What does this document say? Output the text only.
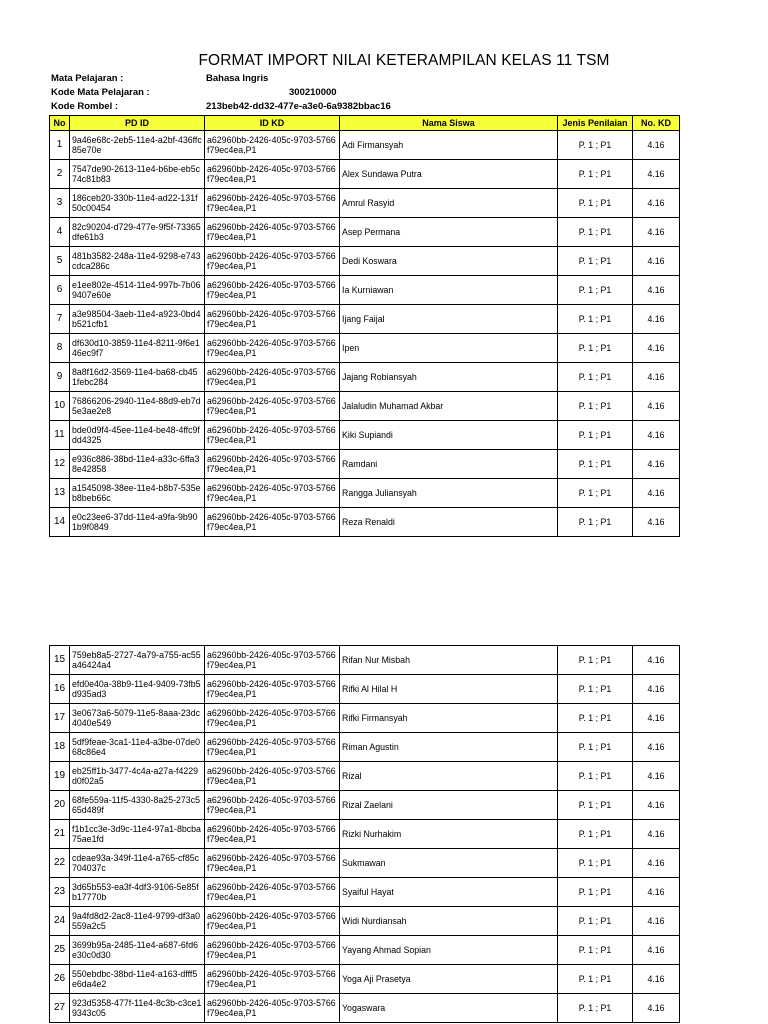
FORMAT IMPORT NILAI KETERAMPILAN KELAS 11 TSM
Mata Pelajaran :	Bahasa Ingris
Kode Mata Pelajaran :	300210000
Kode Rombel :	213beb42-dd32-477e-a3e0-6a9382bbac16
No	PD ID	ID KD	Nama Siswa	Jenis Penilaian	No. KD
1	9a46e68c-2eb5-11e4-a2bf-436ffc85e70e	a62960bb-2426-405c-9703-5766f79ec4ea,P1	Adi Firmansyah	P. 1 ; P1	4.16
2	7547de90-2613-11e4-b6be-eb5c74c81b83	a62960bb-2426-405c-9703-5766f79ec4ea,P1	Alex Sundawa Putra	P. 1 ; P1	4.16
3	186ceb20-330b-11e4-ad22-131f50c00454	a62960bb-2426-405c-9703-5766f79ec4ea,P1	Amrul Rasyid	P. 1 ; P1	4.16
4	82c90204-d729-477e-9f5f-73365dfe61b3	a62960bb-2426-405c-9703-5766f79ec4ea,P1	Asep Permana	P. 1 ; P1	4.16
5	481b3582-248a-11e4-9298-e743cdca286c	a62960bb-2426-405c-9703-5766f79ec4ea,P1	Dedi Koswara	P. 1 ; P1	4.16
6	e1ee802e-4514-11e4-997b-7b069407e60e	a62960bb-2426-405c-9703-5766f79ec4ea,P1	Ia Kurniawan	P. 1 ; P1	4.16
7	a3e98504-3aeb-11e4-a923-0bd4b521cfb1	a62960bb-2426-405c-9703-5766f79ec4ea,P1	Ijang Faijal	P. 1 ; P1	4.16
8	df630d10-3859-11e4-8211-9f6e146ec9f7	a62960bb-2426-405c-9703-5766f79ec4ea,P1	Ipen	P. 1 ; P1	4.16
9	8a8f16d2-3569-11e4-ba68-cb451febc284	a62960bb-2426-405c-9703-5766f79ec4ea,P1	Jajang Robiansyah	P. 1 ; P1	4.16
10	76866206-2940-11e4-88d9-eb7d5e3ae2e8	a62960bb-2426-405c-9703-5766f79ec4ea,P1	Jalaludin Muhamad Akbar	P. 1 ; P1	4.16
11	bde0d9f4-45ee-11e4-be48-4ffc9fdd4325	a62960bb-2426-405c-9703-5766f79ec4ea,P1	Kiki Supiandi	P. 1 ; P1	4.16
12	e936c886-38bd-11e4-a33c-6ffa38e42858	a62960bb-2426-405c-9703-5766f79ec4ea,P1	Ramdani	P. 1 ; P1	4.16
13	a1545098-38ee-11e4-b8b7-535eb8beb66c	a62960bb-2426-405c-9703-5766f79ec4ea,P1	Rangga Juliansyah	P. 1 ; P1	4.16
14	e0c23ee6-37dd-11e4-a9fa-9b901b9f0849	a62960bb-2426-405c-9703-5766f79ec4ea,P1	Reza Renaldi	P. 1 ; P1	4.16
15	759eb8a5-2727-4a79-a755-ac55a46424a4	a62960bb-2426-405c-9703-5766f79ec4ea,P1	Rifan Nur Misbah	P. 1 ; P1	4.16
16	efd0e40a-38b9-11e4-9409-73fb5d935ad3	a62960bb-2426-405c-9703-5766f79ec4ea,P1	Rifki Al Hilal H	P. 1 ; P1	4.16
17	3e0673a6-5079-11e5-8aaa-23dc4040e549	a62960bb-2426-405c-9703-5766f79ec4ea,P1	Rifki Firmansyah	P. 1 ; P1	4.16
18	5df9feae-3ca1-11e4-a3be-07de068c86e4	a62960bb-2426-405c-9703-5766f79ec4ea,P1	Riman Agustin	P. 1 ; P1	4.16
19	eb25ff1b-3477-4c4a-a27a-f4229d0f02a5	a62960bb-2426-405c-9703-5766f79ec4ea,P1	Rizal	P. 1 ; P1	4.16
20	68fe559a-11f5-4330-8a25-273c565d489f	a62960bb-2426-405c-9703-5766f79ec4ea,P1	Rizal Zaelani	P. 1 ; P1	4.16
21	f1b1cc3e-3d9c-11e4-97a1-8bcba75ae1fd	a62960bb-2426-405c-9703-5766f79ec4ea,P1	Rizki Nurhakim	P. 1 ; P1	4.16
22	cdeae93a-349f-11e4-a765-cf85c704037c	a62960bb-2426-405c-9703-5766f79ec4ea,P1	Sukmawan	P. 1 ; P1	4.16
23	3d65b553-ea3f-4df3-9106-5e85fb17770b	a62960bb-2426-405c-9703-5766f79ec4ea,P1	Syaiful Hayat	P. 1 ; P1	4.16
24	9a4fd8d2-2ac8-11e4-9799-df3a0559a2c5	a62960bb-2426-405c-9703-5766f79ec4ea,P1	Widi Nurdiansah	P. 1 ; P1	4.16
25	3699b95a-2485-11e4-a687-6fd6e30c0d30	a62960bb-2426-405c-9703-5766f79ec4ea,P1	Yayang Ahmad Sopian	P. 1 ; P1	4.16
26	550ebdbc-38bd-11e4-a163-dfff5e6da4e2	a62960bb-2426-405c-9703-5766f79ec4ea,P1	Yoga Aji Prasetya	P. 1 ; P1	4.16
27	923d5358-477f-11e4-8c3b-c3ce19343c05	a62960bb-2426-405c-9703-5766f79ec4ea,P1	Yogaswara	P. 1 ; P1	4.16
